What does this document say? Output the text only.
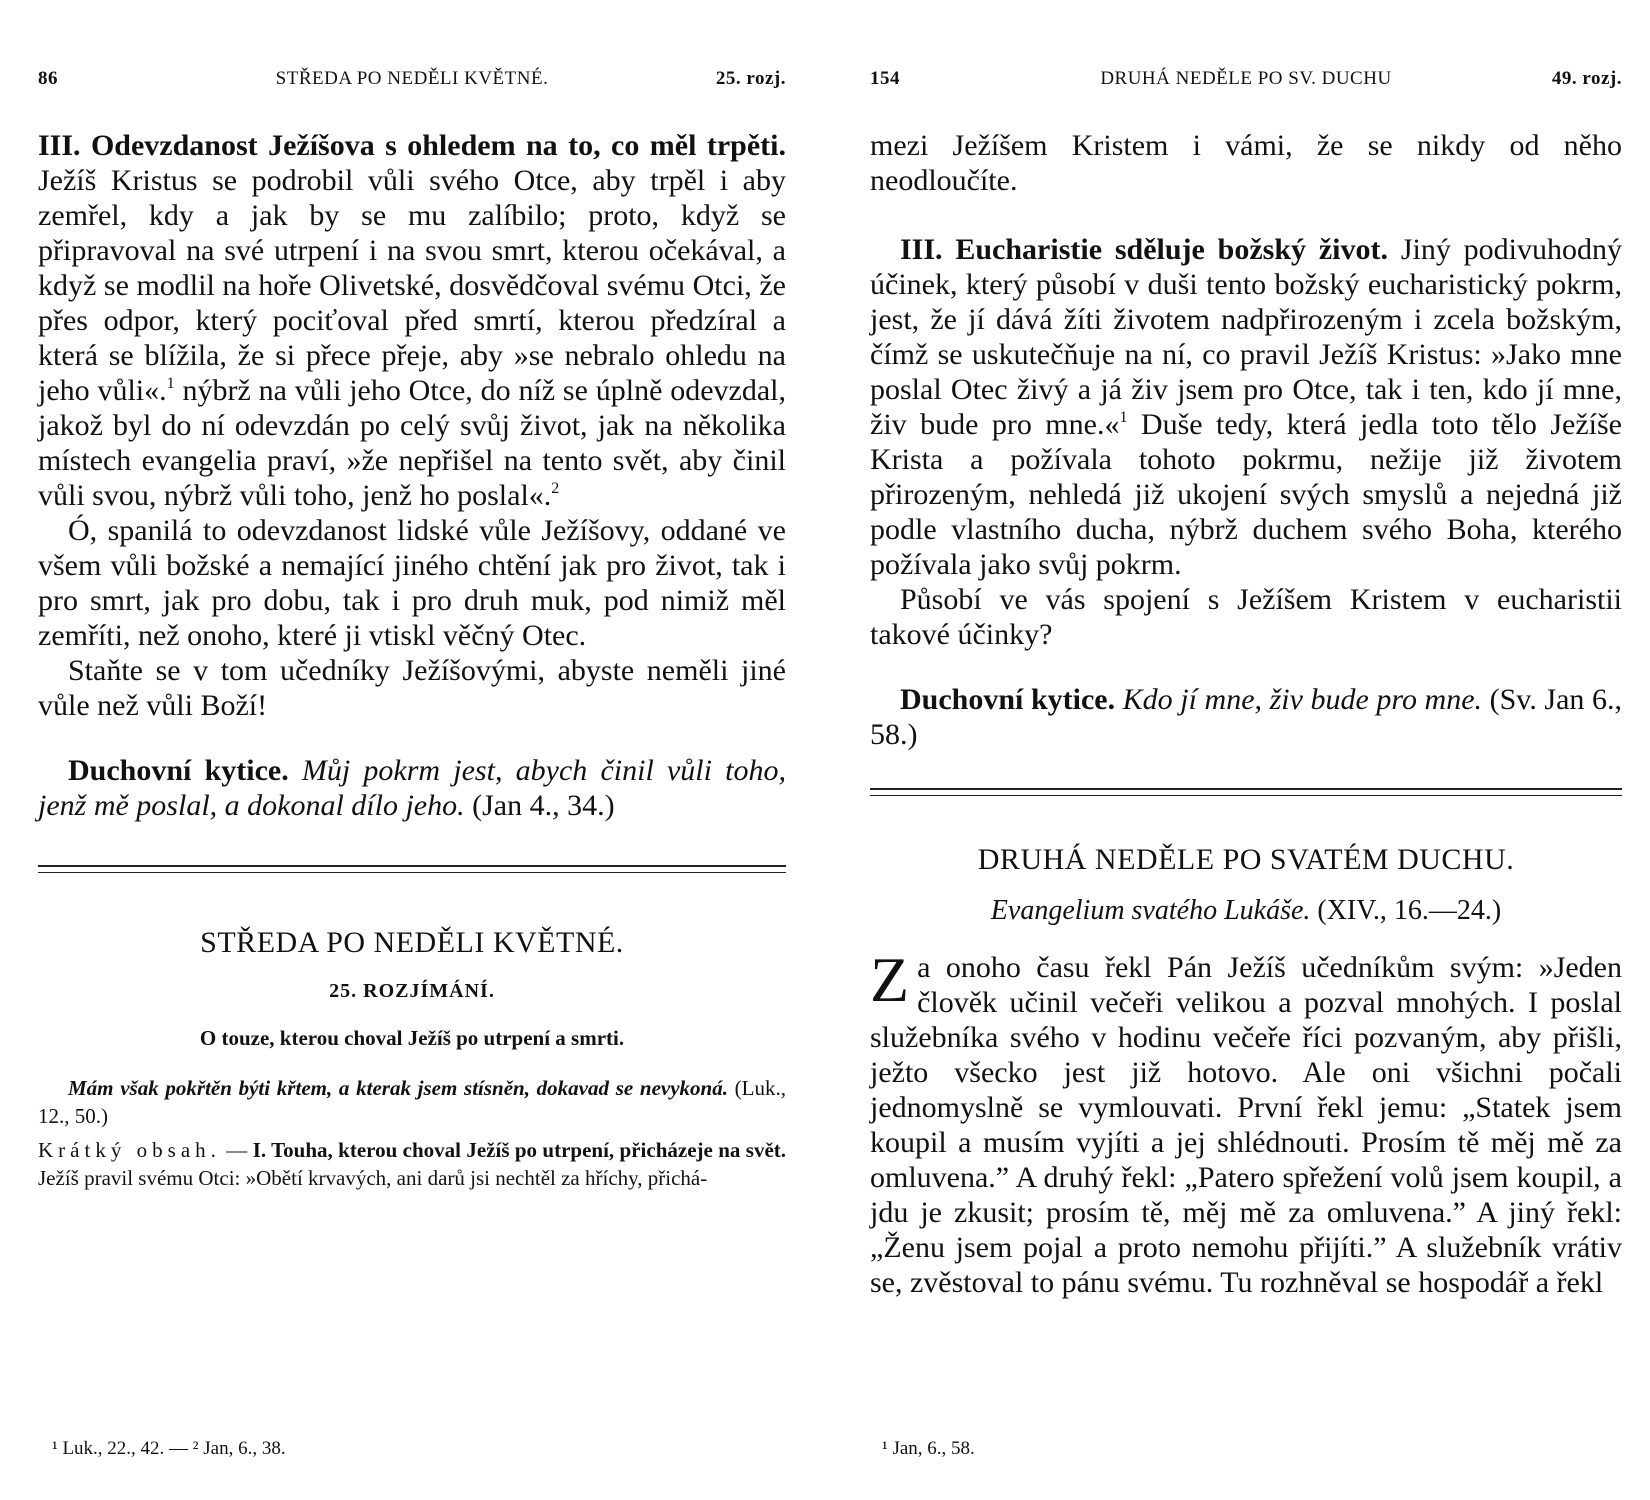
86	STŘEDA PO NEDĚLI KVĚTNÉ.	25. rozj.

III. Odevzdanost Ježíšova s ohledem na to, co měl trpěti. Ježíš Kristus se podrobil vůli svého Otce, aby trpěl i aby zemřel, kdy a jak by se mu zalíbilo; proto, když se připravoval na své utrpení i na svou smrt, kterou očekával, a když se modlil na hoře Olivetské, dosvědčoval svému Otci, že přes odpor, který pociťoval před smrtí, kterou předzíral a která se blížila, že si přece přeje, aby »se nebralo ohledu na jeho vůli«.$^1$ nýbrž na vůli jeho Otce, do níž se úplně odevzdal, jakož byl do ní odevzdán po celý svůj život, jak na několika místech evangelia praví, »že nepřišel na tento svět, aby činil vůli svou, nýbrž vůli toho, jenž ho poslal«.$^2$

Ó, spanilá to odevzdanost lidské vůle Ježíšovy, oddané ve všem vůli božské a nemající jiného chtění jak pro život, tak i pro smrt, jak pro dobu, tak i pro druh muk, pod nimiž měl zemříti, než onoho, které ji vtiskl věčný Otec.

Staňte se v tom učedníky Ježíšovými, abyste neměli jiné vůle než vůli Boží!

Duchovní kytice. Můj pokrm jest, abych činil vůli toho, jenž mě poslal, a dokonal dílo jeho. (Jan 4., 34.)

STŘEDA PO NEDĚLI KVĚTNÉ.
25. ROZJÍMÁNÍ.
O touze, kterou choval Ježíš po utrpení a smrti.

Mám však pokřtěn býti křtem, a kterak jsem stísněn, dokavad se nevykoná. (Luk., 12., 50.)

Krátký obsah. — I. Touha, kterou choval Ježíš po utrpení, přicházeje na svět. Ježíš pravil svému Otci: »Obětí krvavých, ani darů jsi nechtěl za hříchy, přichá-

¹ Luk., 22., 42. — ² Jan, 6., 38.
154	DRUHÁ NEDĚLE PO SV. DUCHU	49. rozj.

mezi Ježíšem Kristem i vámi, že se nikdy od něho neodloučíte.

III. Eucharistie sděluje božský život. Jiný podivuhodný účinek, který působí v duši tento božský eucharistický pokrm, jest, že jí dává žíti životem nadpřirozeným i zcela božským, čímž se uskutečňuje na ní, co pravil Ježíš Kristus: »Jako mne poslal Otec živý a já živ jsem pro Otce, tak i ten, kdo jí mne, živ bude pro mne.«$^1$ Duše tedy, která jedla toto tělo Ježíše Krista a požívala tohoto pokrmu, nežije již životem přirozeným, nehledá již ukojení svých smyslů a nejedná již podle vlastního ducha, nýbrž duchem svého Boha, kterého požívala jako svůj pokrm.

Působí ve vás spojení s Ježíšem Kristem v eucharistii takové účinky?

Duchovní kytice. Kdo jí mne, živ bude pro mne. (Sv. Jan 6., 58.)

DRUHÁ NEDĚLE PO SVATÉM DUCHU.
Evangelium svatého Lukáše. (XIV., 16.—24.)

Za onoho času řekl Pán Ježíš učedníkům svým: »Jeden člověk učinil večeři velikou a pozval mnohých. I poslal služebníka svého v hodinu večeře říci pozvaným, aby přišli, ježto všecko jest již hotovo. Ale oni všichni počali jednomyslně se vymlouvati. První řekl jemu: „Statek jsem koupil a musím vyjíti a jej shlédnouti. Prosím tě měj mě za omluvena.” A druhý řekl: „Patero spřežení volů jsem koupil, a jdu je zkusit; prosím tě, měj mě za omluvena.” A jiný řekl: „Ženu jsem pojal a proto nemohu přijíti.” A služebník vrátiv se, zvěstoval to pánu svému. Tu rozhněval se hospodář a řekl

¹ Jan, 6., 58.
